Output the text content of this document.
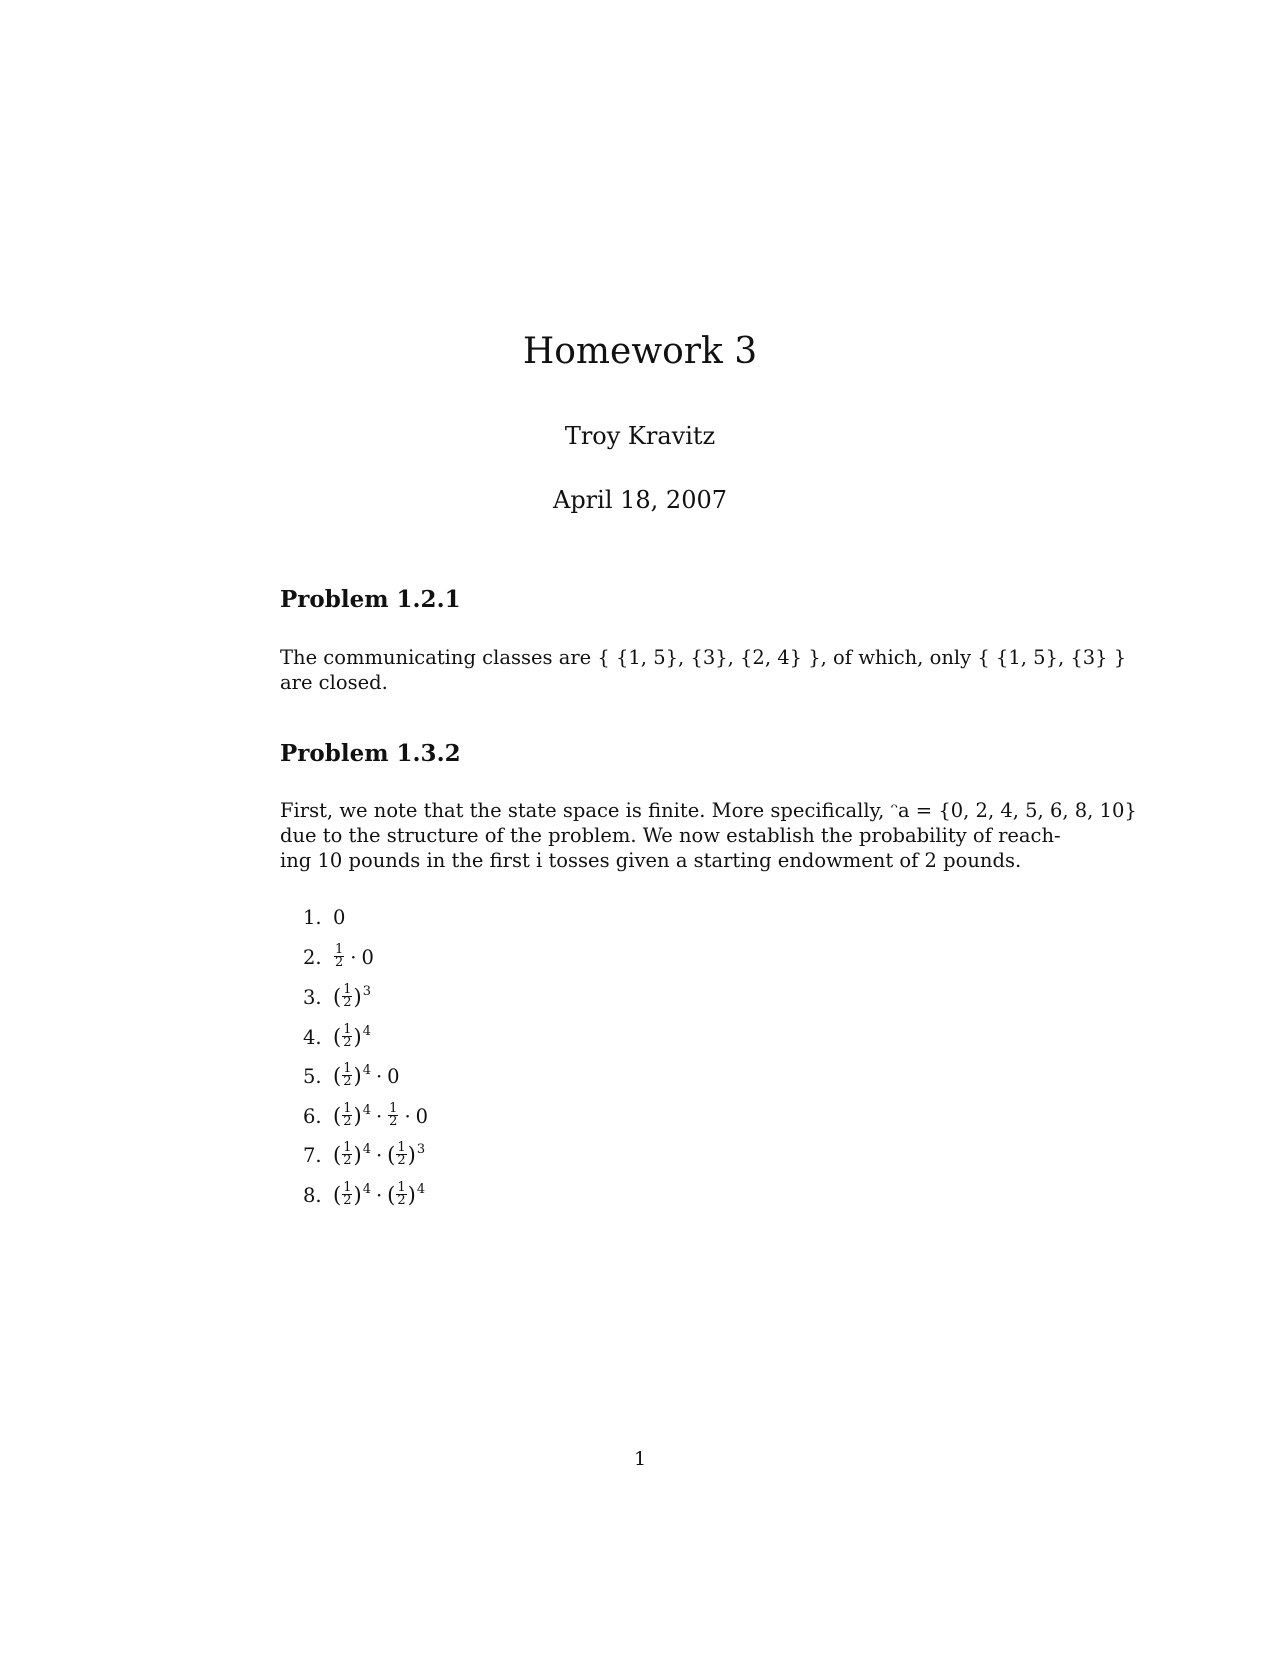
Homework 3
Troy Kravitz
April 18, 2007
Problem 1.2.1
The communicating classes are { {1, 5}, {3}, {2, 4} }, of which, only { {1, 5}, {3} }
are closed.
Problem 1.3.2
First, we note that the state space is finite. More specifically, ᵔa = {0, 2, 4, 5, 6, 8, 10}
due to the structure of the problem. We now establish the probability of reach-
ing 10 pounds in the first i tosses given a starting endowment of 2 pounds.
1. 0
2. $\frac{1}{2} \cdot 0$
3. ( $\frac{1}{2} )^3$
4. ( $\frac{1}{2} )^4$
5. ( $\frac{1}{2} )^4 \cdot 0$
6. ( $\frac{1}{2} )^4 \cdot \frac{1}{2} \cdot 0$
7. ( $\frac{1}{2} )^4$ · ( $\frac{1}{2} )^3$
8. ( $\frac{1}{2} )^4$ · ( $\frac{1}{2} )^4$
1
